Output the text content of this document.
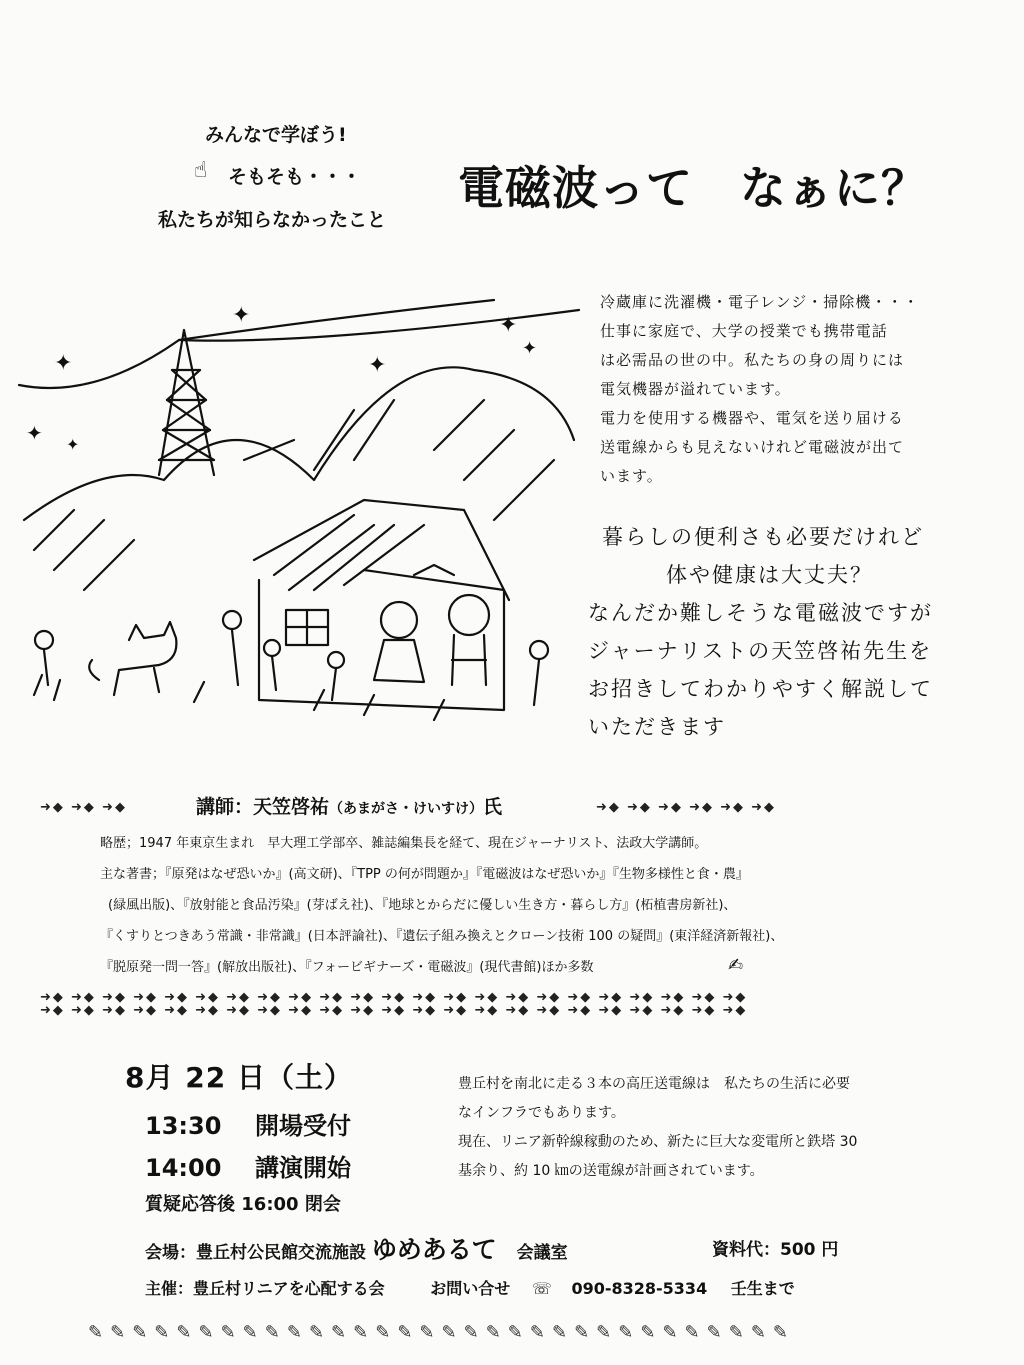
みんなで学ぼう!
☝ そもそも・・・
私たちが知らなかったこと
電磁波って　なぁに？
✦
✦ ✦
✦
✦
✦
✦

冷蔵庫に洗濯機・電子レンジ・掃除機・・・

仕事に家庭で、大学の授業でも携帯電話

は必需品の世の中。私たちの身の周りには

電気機器が溢れています。

電力を使用する機器や、電気を送り届ける

送電線からも見えないけれど電磁波が出て

います。

暮らしの便利さも必要だけれど

体や健康は大丈夫？

なんだか難しそうな電磁波ですが

ジャーナリストの天笠啓祐先生を

お招きしてわかりやすく解説して

いただきます

➜◆ ➜◆ ➜◆	講師：天笠啓祐（あまがさ・けいすけ）氏	➜◆ ➜◆ ➜◆ ➜◆ ➜◆ ➜◆

略歴；1947 年東京生まれ　早大理工学部卒、雑誌編集長を経て、現在ジャーナリスト、法政大学講師。

主な著書；『原発はなぜ恐いか』(高文研)、『TPP の何が問題か』『電磁波はなぜ恐いか』『生物多様性と食・農』

(緑風出版)、『放射能と食品汚染』(芽ばえ社)、『地球とからだに優しい生き方・暮らし方』(柘植書房新社)、

『くすりとつきあう常識・非常識』(日本評論社)、『遺伝子組み換えとクローン技術 100 の疑問』(東洋経済新報社)、

『脱原発一問一答』(解放出版社)、『フォービギナーズ・電磁波』(現代書館)ほか多数	✍
➜◆ ➜◆ ➜◆ ➜◆ ➜◆ ➜◆ ➜◆ ➜◆ ➜◆ ➜◆ ➜◆ ➜◆ ➜◆ ➜◆ ➜◆ ➜◆ ➜◆ ➜◆ ➜◆ ➜◆ ➜◆ ➜◆ ➜◆
➜◆ ➜◆ ➜◆ ➜◆ ➜◆ ➜◆ ➜◆ ➜◆ ➜◆ ➜◆ ➜◆ ➜◆ ➜◆ ➜◆ ➜◆ ➜◆ ➜◆ ➜◆ ➜◆ ➜◆ ➜◆ ➜◆ ➜◆
8月 22 日（土）
13:30 開場受付
14:00 講演開始
質疑応答後 16:00 閉会

豊丘村を南北に走る３本の高圧送電線は　私たちの生活に必要

なインフラでもあります。

現在、リニア新幹線稼動のため、新たに巨大な変電所と鉄塔 30

基余り、約 10 ㎞の送電線が計画されています。

会場：豊丘村公民館交流施設 ゆめあるて 会議室	資料代：500 円
主催：豊丘村リニアを心配する会	お問い合せ ☏ 090-8328-5334 壬生まで
✎ ✎ ✎ ✎ ✎ ✎ ✎ ✎ ✎ ✎ ✎ ✎ ✎ ✎ ✎ ✎ ✎ ✎ ✎ ✎ ✎ ✎ ✎ ✎ ✎ ✎ ✎ ✎ ✎ ✎ ✎ ✎
